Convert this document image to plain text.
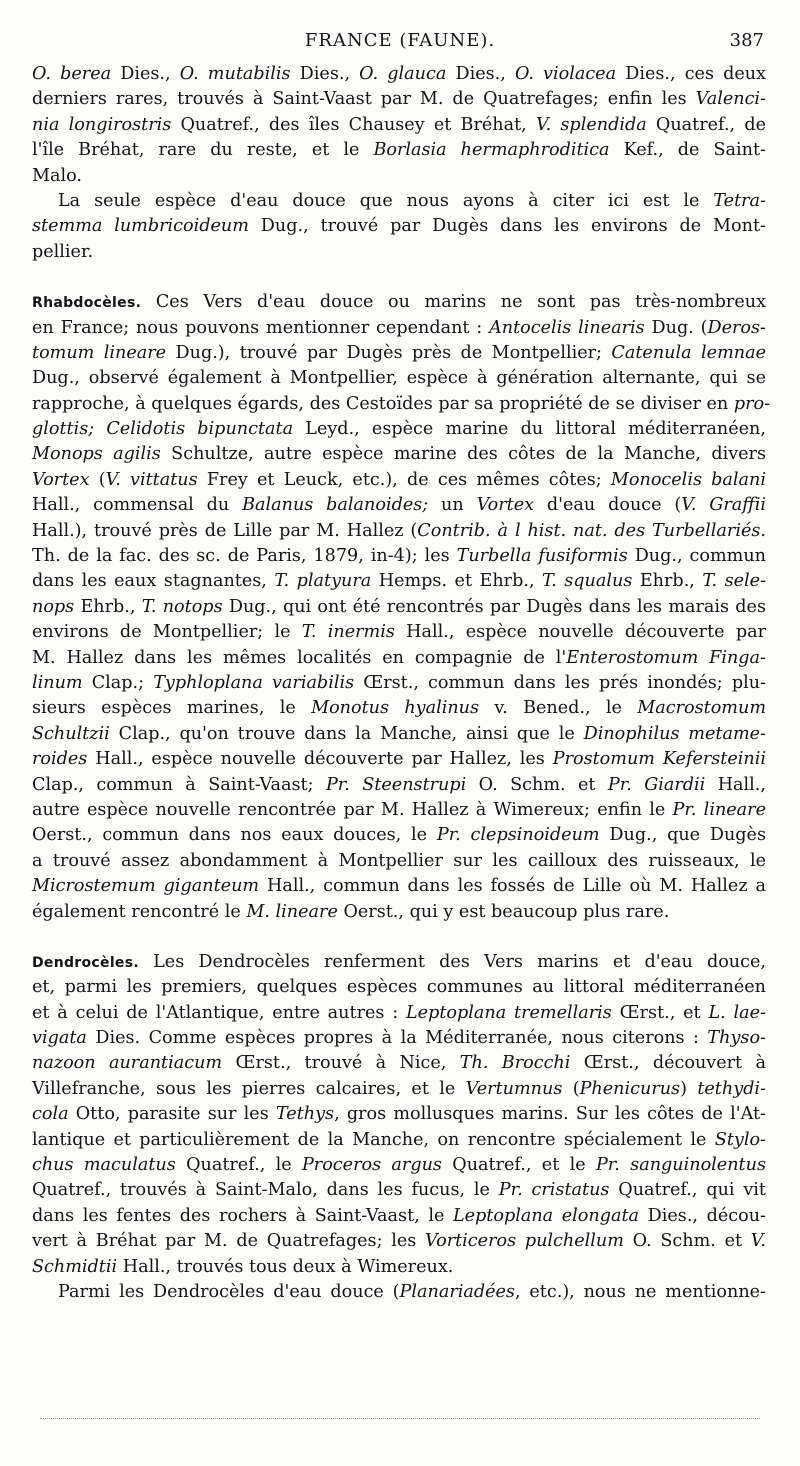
FRANCE (FAUNE).	387
O. berea Dies., O. mutabilis Dies., O. glauca Dies., O. violacea Dies., ces deux
derniers rares, trouvés à Saint-Vaast par M. de Quatrefages; enfin les Valenci-
nia longirostris Quatref., des îles Chausey et Bréhat, V. splendida Quatref., de
l'île Bréhat, rare du reste, et le Borlasia hermaphroditica Kef., de Saint-
Malo.
La seule espèce d'eau douce que nous ayons à citer ici est le Tetra-
stemma lumbricoideum Dug., trouvé par Dugès dans les environs de Mont-
pellier.
Rhabdocèles. Ces Vers d'eau douce ou marins ne sont pas très-nombreux
en France; nous pouvons mentionner cependant : Antocelis linearis Dug. (Deros-
tomum lineare Dug.), trouvé par Dugès près de Montpellier; Catenula lemnae
Dug., observé également à Montpellier, espèce à génération alternante, qui se
rapproche, à quelques égards, des Cestoïdes par sa propriété de se diviser en pro-
glottis; Celidotis bipunctata Leyd., espèce marine du littoral méditerranéen,
Monops agilis Schultze, autre espèce marine des côtes de la Manche, divers
Vortex (V. vittatus Frey et Leuck, etc.), de ces mêmes côtes; Monocelis balani
Hall., commensal du Balanus balanoides; un Vortex d'eau douce (V. Graffii
Hall.), trouvé près de Lille par M. Hallez (Contrib. à l hist. nat. des Turbellariés.
Th. de la fac. des sc. de Paris, 1879, in-4); les Turbella fusiformis Dug., commun
dans les eaux stagnantes, T. platyura Hemps. et Ehrb., T. squalus Ehrb., T. sele-
nops Ehrb., T. notops Dug., qui ont été rencontrés par Dugès dans les marais des
environs de Montpellier; le T. inermis Hall., espèce nouvelle découverte par
M. Hallez dans les mêmes localités en compagnie de l'Enterostomum Finga-
linum Clap.; Typhloplana variabilis Œrst., commun dans les prés inondés; plu-
sieurs espèces marines, le Monotus hyalinus v. Bened., le Macrostomum
Schultzii Clap., qu'on trouve dans la Manche, ainsi que le Dinophilus metame-
roides Hall., espèce nouvelle découverte par Hallez, les Prostomum Kefersteinii
Clap., commun à Saint-Vaast; Pr. Steenstrupi O. Schm. et Pr. Giardii Hall.,
autre espèce nouvelle rencontrée par M. Hallez à Wimereux; enfin le Pr. lineare
Oerst., commun dans nos eaux douces, le Pr. clepsinoideum Dug., que Dugès
a trouvé assez abondamment à Montpellier sur les cailloux des ruisseaux, le
Microstemum giganteum Hall., commun dans les fossés de Lille où M. Hallez a
également rencontré le M. lineare Oerst., qui y est beaucoup plus rare.
Dendrocèles. Les Dendrocèles renferment des Vers marins et d'eau douce,
et, parmi les premiers, quelques espèces communes au littoral méditerranéen
et à celui de l'Atlantique, entre autres : Leptoplana tremellaris Œrst., et L. lae-
vigata Dies. Comme espèces propres à la Méditerranée, nous citerons : Thyso-
nazoon aurantiacum Œrst., trouvé à Nice, Th. Brocchi Œrst., découvert à
Villefranche, sous les pierres calcaires, et le Vertumnus (Phenicurus) tethydi-
cola Otto, parasite sur les Tethys, gros mollusques marins. Sur les côtes de l'At-
lantique et particulièrement de la Manche, on rencontre spécialement le Stylo-
chus maculatus Quatref., le Proceros argus Quatref., et le Pr. sanguinolentus
Quatref., trouvés à Saint-Malo, dans les fucus, le Pr. cristatus Quatref., qui vit
dans les fentes des rochers à Saint-Vaast, le Leptoplana elongata Dies., décou-
vert à Bréhat par M. de Quatrefages; les Vorticeros pulchellum O. Schm. et V.
Schmidtii Hall., trouvés tous deux à Wimereux.
Parmi les Dendrocèles d'eau douce (Planariadées, etc.), nous ne mentionne-
